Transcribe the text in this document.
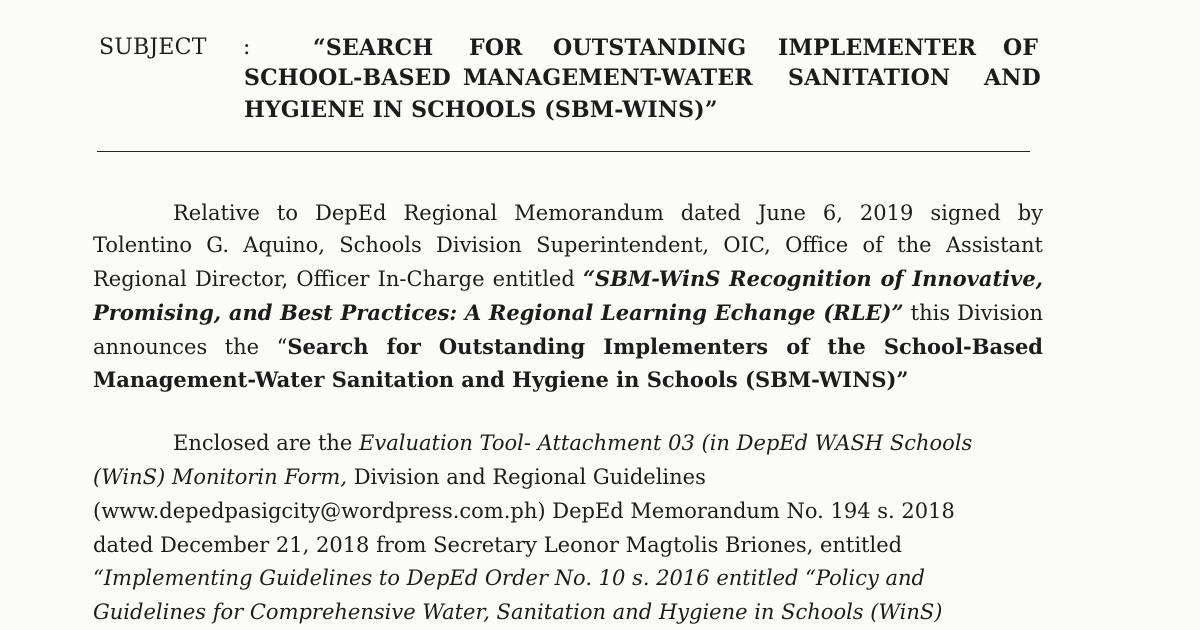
SUBJECT :	“SEARCH FOR OUTSTANDING IMPLEMENTER OF
SCHOOL-BASED MANAGEMENT-WATER SANITATION AND
HYGIENE IN SCHOOLS (SBM-WINS)”
Relative to DepEd Regional Memorandum dated June 6, 2019 signed by
Tolentino G. Aquino, Schools Division Superintendent, OIC, Office of the Assistant
Regional Director, Officer In-Charge entitled “SBM-WinS Recognition of Innovative,
Promising, and Best Practices: A Regional Learning Echange (RLE)” this Division
announces the “Search for Outstanding Implementers of the School-Based
Management-Water Sanitation and Hygiene in Schools (SBM-WINS)”
Enclosed are the Evaluation Tool- Attachment 03 (in DepEd WASH Schools
(WinS) Monitorin Form, Division and Regional Guidelines
(www.depedpasigcity@wordpress.com.ph) DepEd Memorandum No. 194 s. 2018
dated December 21, 2018 from Secretary Leonor Magtolis Briones, entitled
“Implementing Guidelines to DepEd Order No. 10 s. 2016 entitled “Policy and
Guidelines for Comprehensive Water, Sanitation and Hygiene in Schools (WinS)
